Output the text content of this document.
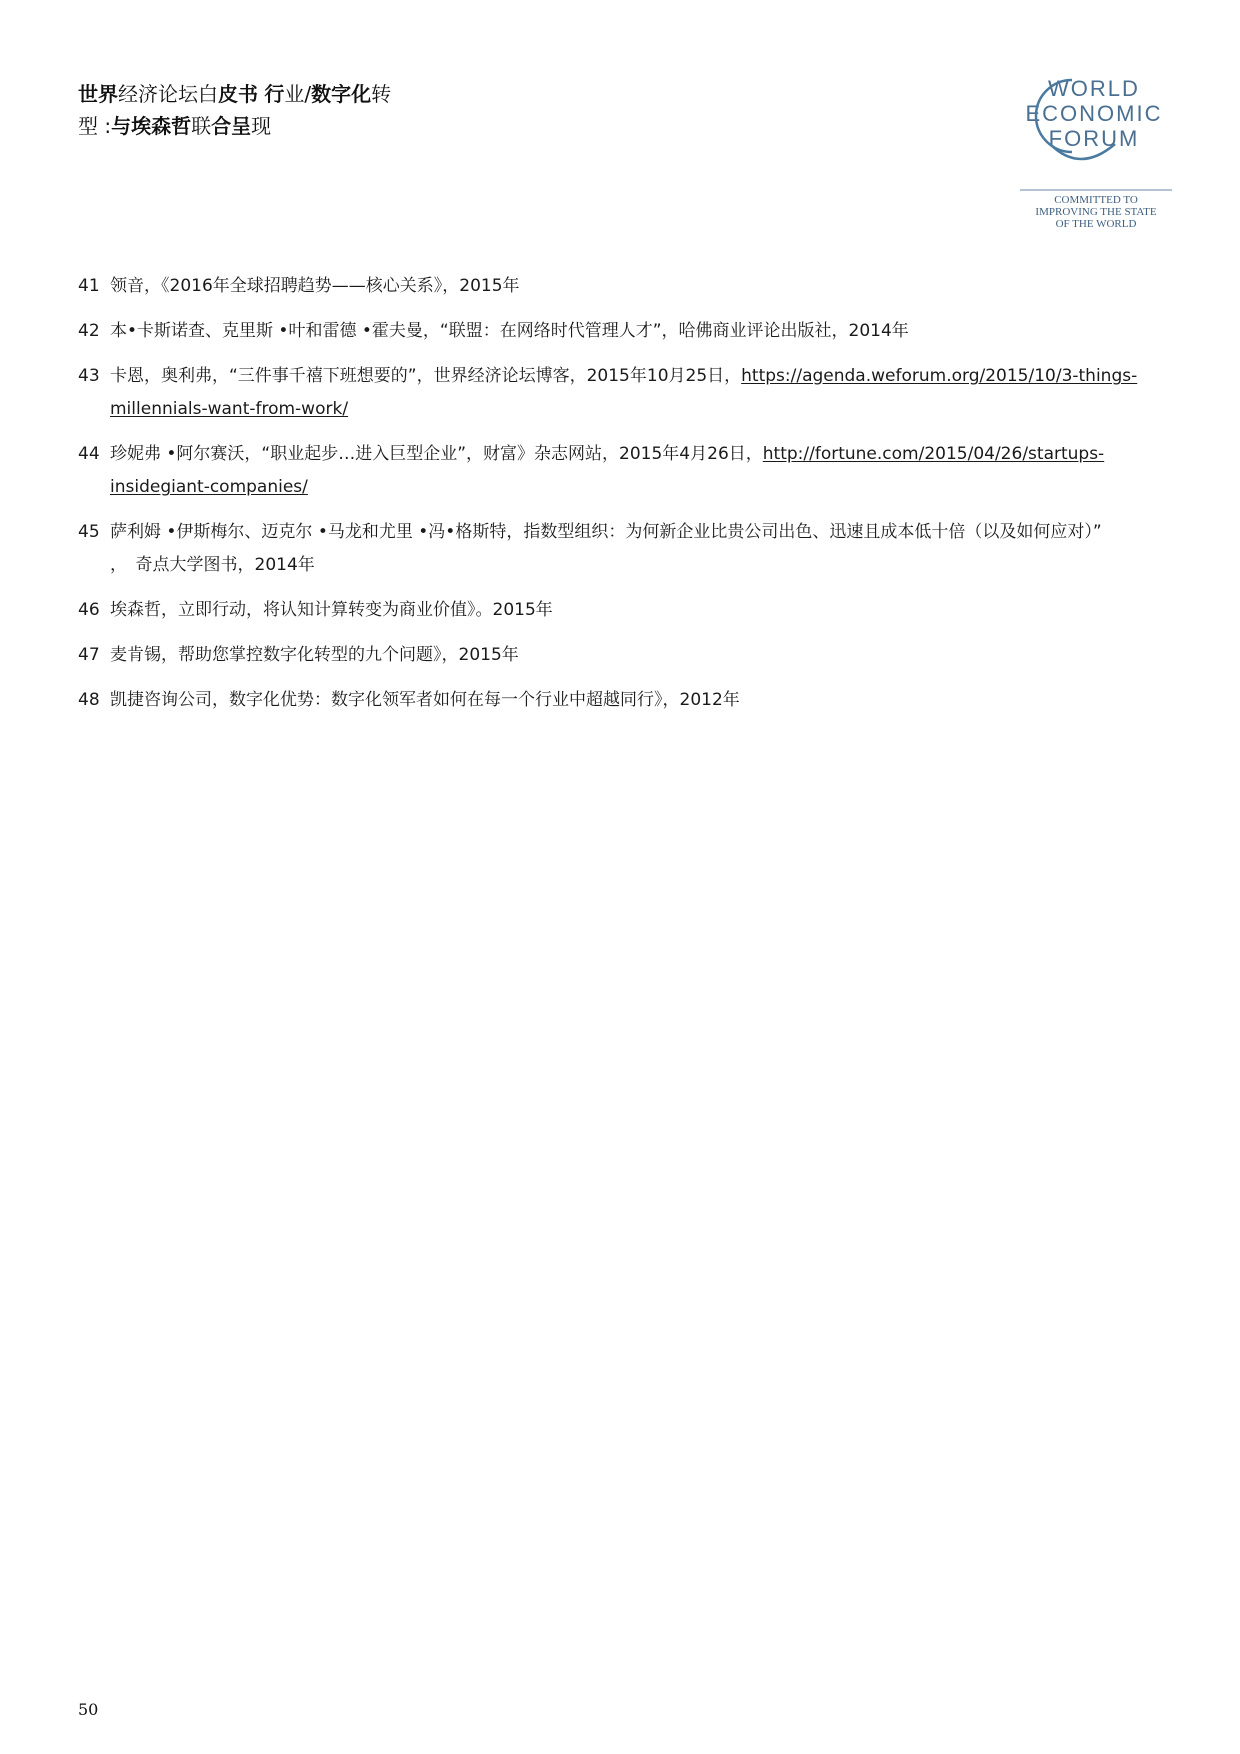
世界经济论坛白皮书 行业/数字化转
型 :与埃森哲联合呈现
WORLD
ECONOMIC
FORUM
COMMITTED TO
IMPROVING THE STATE
OF THE WORLD
41 领音，《2016年全球招聘趋势——核心关系》，2015年
42 本•卡斯诺查、克里斯 •叶和雷德 •霍夫曼，“联盟：在网络时代管理人才”，哈佛商业评论出版社，2014年
43 卡恩，奥利弗，“三件事千禧下班想要的”，世界经济论坛博客，2015年10月25日，https://agenda.weforum.org/2015/10/3-things-millennials-want-from-work/
44 珍妮弗 •阿尔赛沃，“职业起步…进入巨型企业”，财富》杂志网站，2015年4月26日，http://fortune.com/2015/04/26/startups-insidegiant-companies/
45 萨利姆 •伊斯梅尔、迈克尔 •马龙和尤里 •冯•格斯特，指数型组织：为何新企业比贵公司出色、迅速且成本低十倍（以及如何应对）”
，　奇点大学图书，2014年
46 埃森哲，立即行动，将认知计算转变为商业价值》。2015年
47 麦肯锡，帮助您掌控数字化转型的九个问题》，2015年
48 凯捷咨询公司，数字化优势：数字化领军者如何在每一个行业中超越同行》，2012年
50
